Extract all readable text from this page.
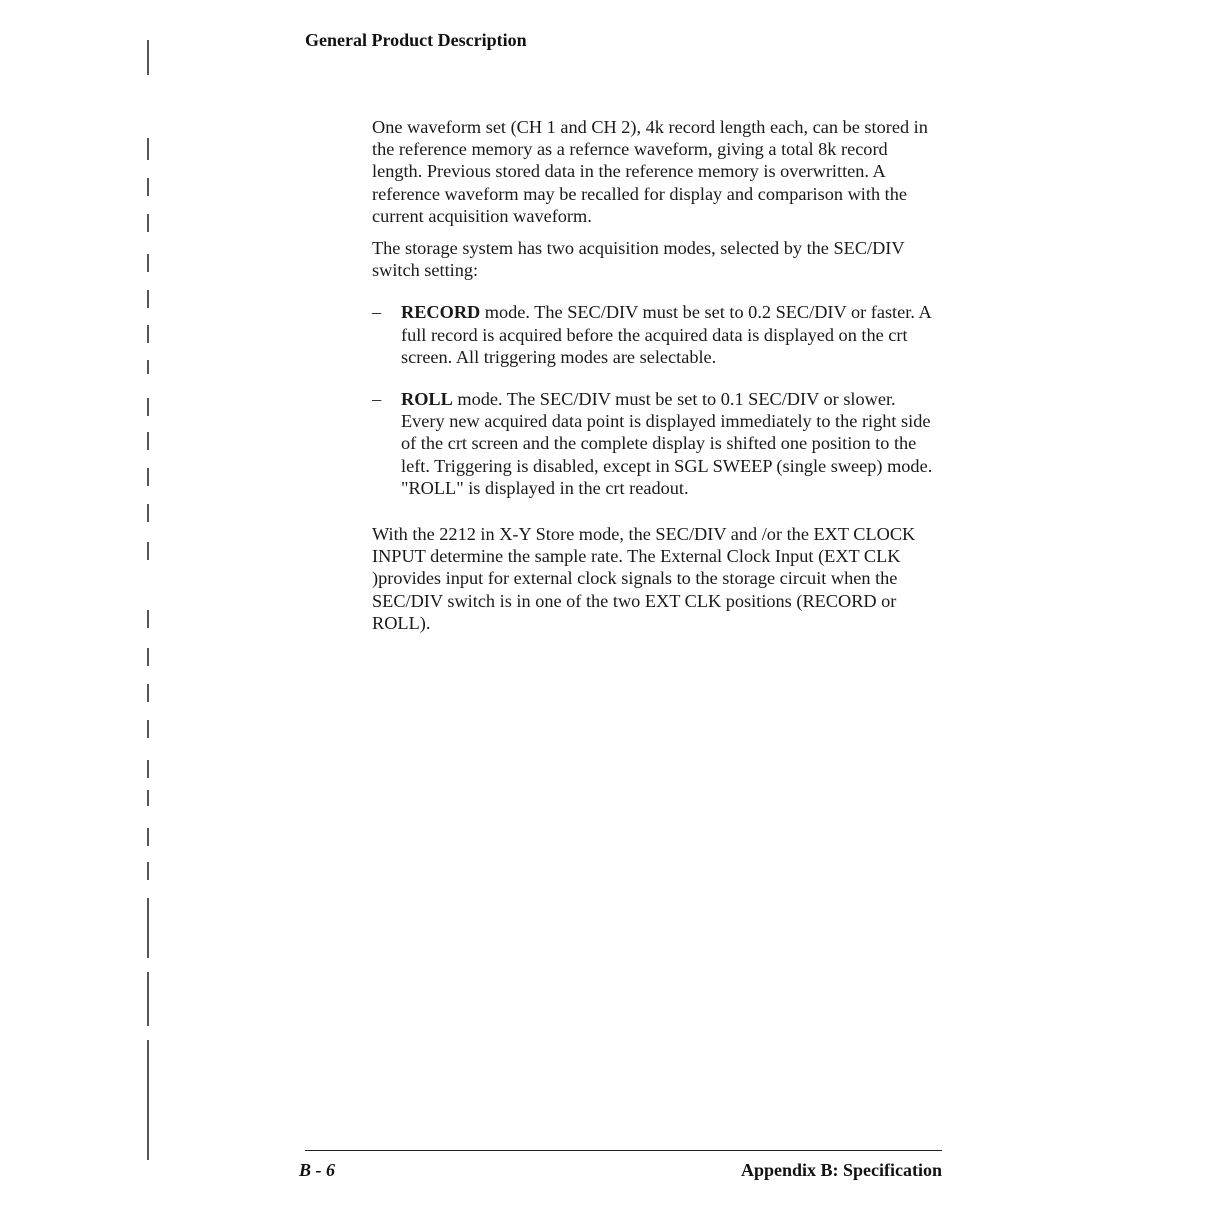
General Product Description

One waveform set (CH 1 and CH 2), 4k record length each, can be stored in the reference memory as a refernce waveform, giving a total 8k record length. Previous stored data in the reference memory is overwritten. A reference waveform may be recalled for display and comparison with the current acquisition waveform.

The storage system has two acquisition modes, selected by the SEC/DIV switch setting:

– RECORD mode. The SEC/DIV must be set to 0.2 SEC/DIV or faster. A full record is acquired before the acquired data is displayed on the crt screen. All triggering modes are selectable.
– ROLL mode. The SEC/DIV must be set to 0.1 SEC/DIV or slower. Every new acquired data point is displayed immediately to the right side of the crt screen and the complete display is shifted one position to the left. Triggering is disabled, except in SGL SWEEP (single sweep) mode. "ROLL" is displayed in the crt readout.

With the 2212 in X-Y Store mode, the SEC/DIV and /or the EXT CLOCK INPUT determine the sample rate. The External Clock Input (EXT CLK )provides input for external clock signals to the storage circuit when the SEC/DIV switch is in one of the two EXT CLK positions (RECORD or ROLL).

B - 6	Appendix B: Specification
